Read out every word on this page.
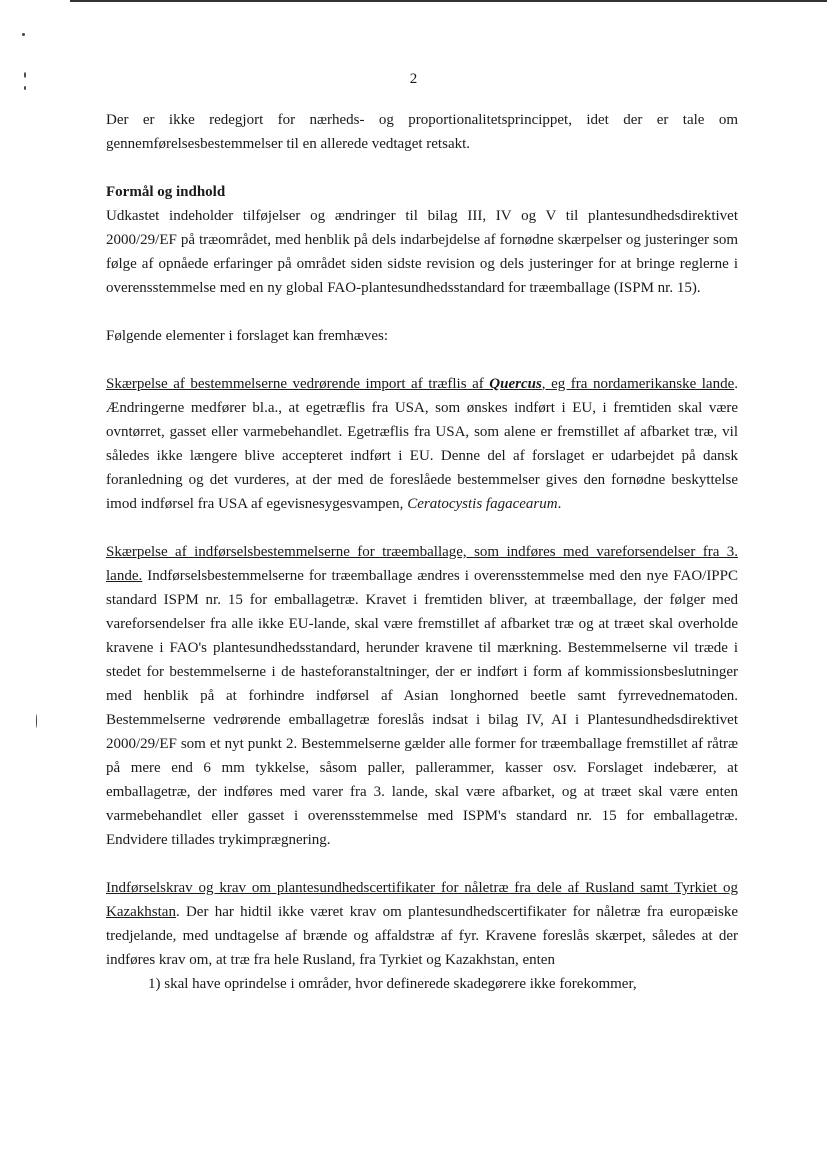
2

Der er ikke redegjort for nærheds- og proportionalitetsprincippet, idet der er tale om gennemførelsesbestemmelser til en allerede vedtaget retsakt.

Formål og indhold

Udkastet indeholder tilføjelser og ændringer til bilag III, IV og V til plantesundhedsdirektivet 2000/29/EF på træområdet, med henblik på dels indarbejdelse af fornødne skærpelser og justeringer som følge af opnåede erfaringer på området siden sidste revision og dels justeringer for at bringe reglerne i overensstemmelse med en ny global FAO-plantesundhedsstandard for træemballage (ISPM nr. 15).

Følgende elementer i forslaget kan fremhæves:

Skærpelse af bestemmelserne vedrørende import af træflis af Quercus, eg fra nordamerikanske lande. Ændringerne medfører bl.a., at egetræflis fra USA, som ønskes indført i EU, i fremtiden skal være ovntørret, gasset eller varmebehandlet. Egetræflis fra USA, som alene er fremstillet af afbarket træ, vil således ikke længere blive accepteret indført i EU. Denne del af forslaget er udarbejdet på dansk foranledning og det vurderes, at der med de foreslåede bestemmelser gives den fornødne beskyttelse imod indførsel fra USA af egevisnesygesvampen, Ceratocystis fagacearum.

Skærpelse af indførselsbestemmelserne for træemballage, som indføres med vareforsendelser fra 3. lande. Indførselsbestemmelserne for træemballage ændres i overensstemmelse med den nye FAO/IPPC standard ISPM nr. 15 for emballagetræ. Kravet i fremtiden bliver, at træemballage, der følger med vareforsendelser fra alle ikke EU-lande, skal være fremstillet af afbarket træ og at træet skal overholde kravene i FAO's plantesundhedsstandard, herunder kravene til mærkning. Bestemmelserne vil træde i stedet for bestemmelserne i de hasteforanstaltninger, der er indført i form af kommissionsbeslutninger med henblik på at forhindre indførsel af Asian longhorned beetle samt fyrrevednematoden. Bestemmelserne vedrørende emballagetræ foreslås indsat i bilag IV, AI i Plantesundhedsdirektivet 2000/29/EF som et nyt punkt 2. Bestemmelserne gælder alle former for træemballage fremstillet af råtræ på mere end 6 mm tykkelse, såsom paller, pallerammer, kasser osv. Forslaget indebærer, at emballagetræ, der indføres med varer fra 3. lande, skal være afbarket, og at træet skal være enten varmebehandlet eller gasset i overensstemmelse med ISPM's standard nr. 15 for emballagetræ. Endvidere tillades trykimprægnering.

Indførselskrav og krav om plantesundhedscertifikater for nåletræ fra dele af Rusland samt Tyrkiet og Kazakhstan. Der har hidtil ikke været krav om plantesundhedscertifikater for nåletræ fra europæiske tredjelande, med undtagelse af brænde og affaldstræ af fyr. Kravene foreslås skærpet, således at der indføres krav om, at træ fra hele Rusland, fra Tyrkiet og Kazakhstan, enten

1) skal have oprindelse i områder, hvor definerede skadegørere ikke forekommer,
